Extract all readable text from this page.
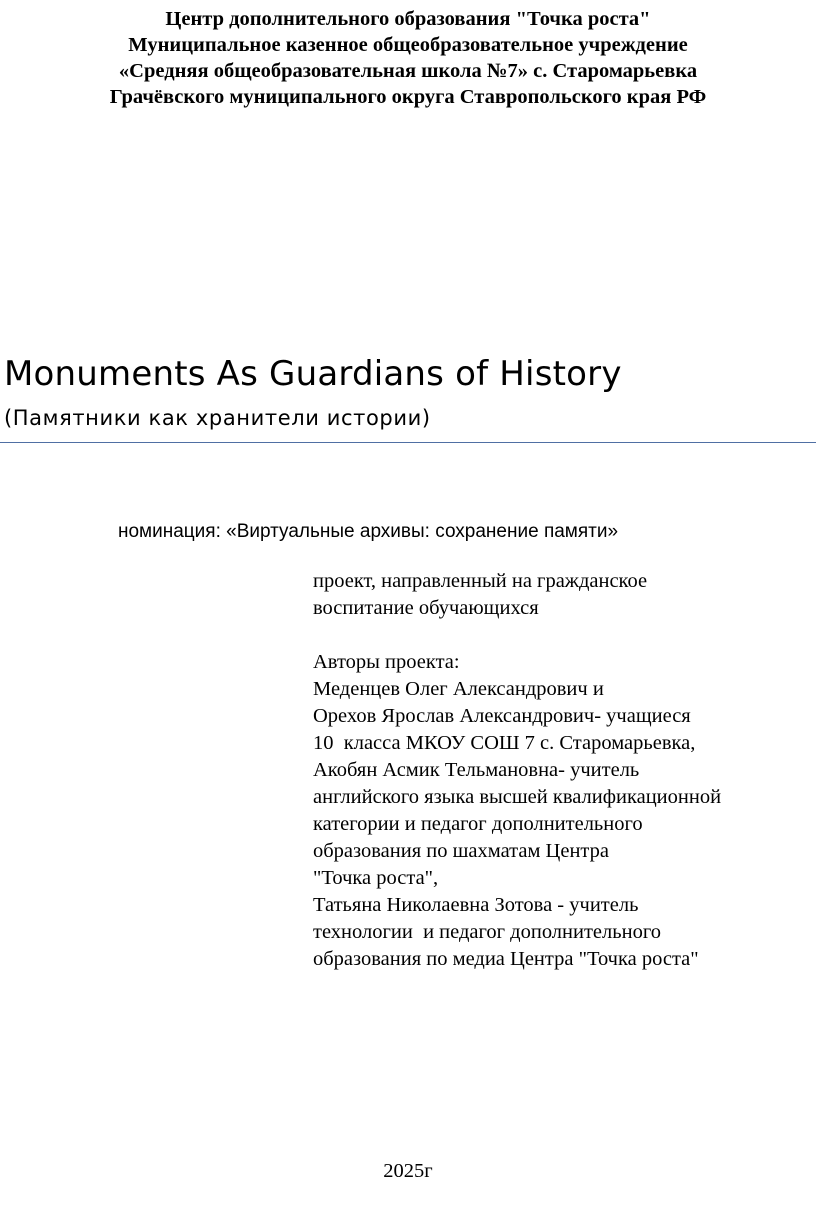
Центр дополнительного образования "Точка роста"
Муниципальное казенное общеобразовательное учреждение
«Средняя общеобразовательная школа №7» с. Старомарьевка
Грачёвского муниципального округа Ставропольского края РФ
Monuments As Guardians of History
(Памятники как хранители истории)
номинация: «Виртуальные архивы: сохранение памяти»
проект, направленный на гражданское
воспитание обучающихся
Авторы проекта:
Меденцев Олег Александрович и
Орехов Ярослав Александрович- учащиеся
10  класса МКОУ СОШ 7 с. Старомарьевка,
Акобян Асмик Тельмановна- учитель
английского языка высшей квалификационной
категории и педагог дополнительного
образования по шахматам Центра
"Точка роста",
Татьяна Николаевна Зотова - учитель
технологии  и педагог дополнительного
образования по медиа Центра "Точка роста"
2025г
